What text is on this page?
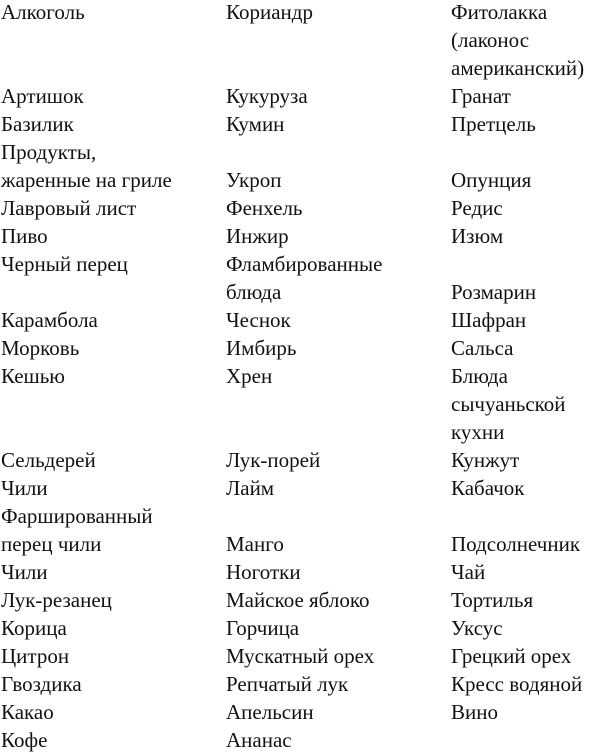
Алкоголь
Артишок
Базилик
Продукты,
жаренные на гриле
Лавровый лист
Пиво
Черный перец
Карамбола
Морковь
Кешью
Сельдерей
Чили
Фаршированный
перец чили
Чили
Лук-резанец
Корица
Цитрон
Гвоздика
Какао
Кофе
Кориандр
Кукуруза
Кумин
Укроп
Фенхель
Инжир
Фламбированные
блюда
Чеснок
Имбирь
Хрен
Лук-порей
Лайм
Манго
Ноготки
Майское яблоко
Горчица
Мускатный орех
Репчатый лук
Апельсин
Ананас
Фитолакка
(лаконос
американский)
Гранат
Претцель
Опунция
Редис
Изюм
Розмарин
Шафран
Сальса
Блюда
сычуаньской
кухни
Кунжут
Кабачок
Подсолнечник
Чай
Тортилья
Уксус
Грецкий орех
Кресс водяной
Вино
